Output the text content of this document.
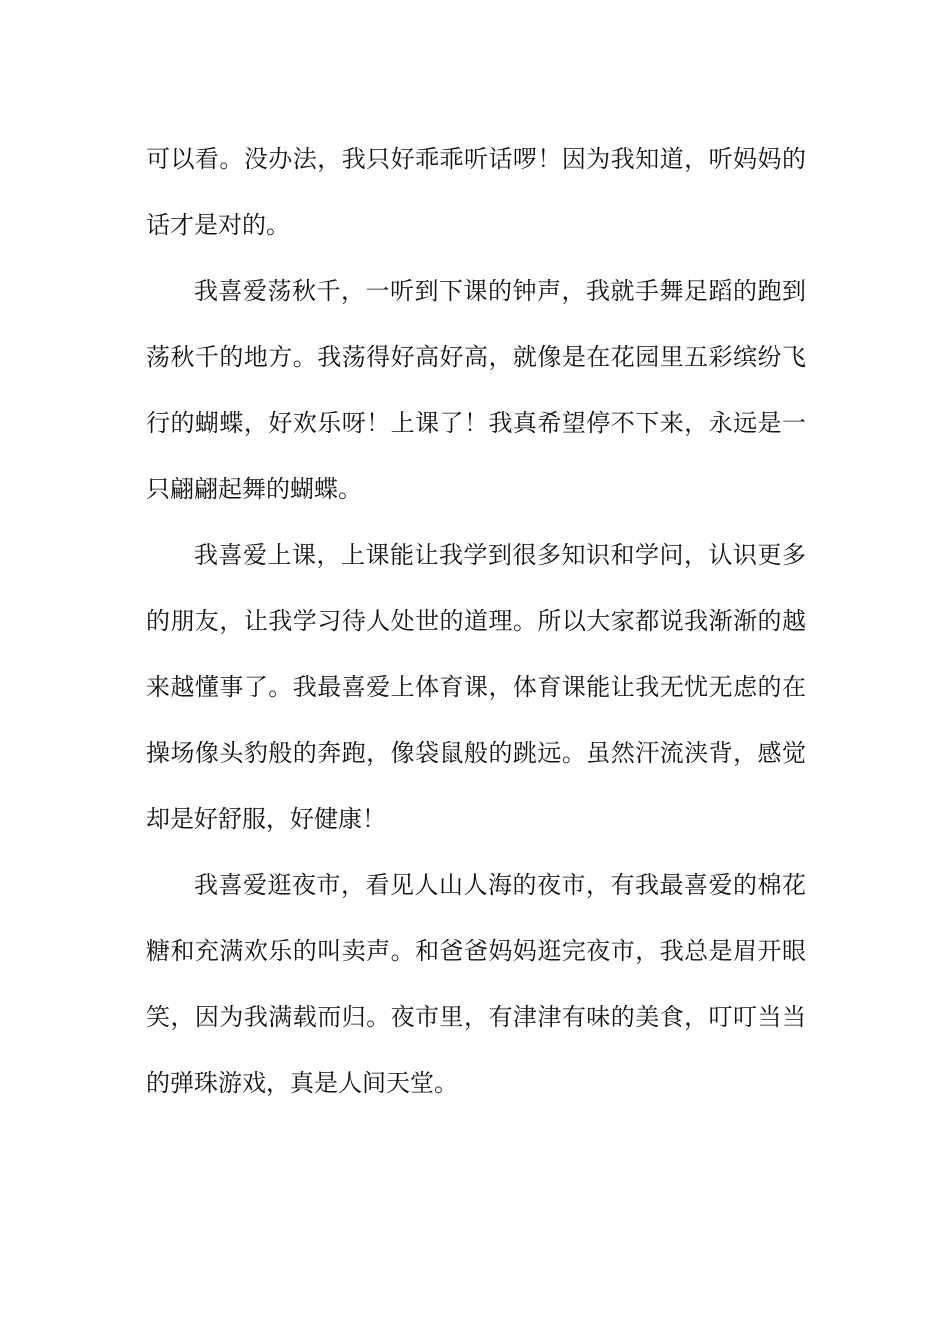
可以看。没办法，我只好乖乖听话啰！因为我知道，听妈妈的
话才是对的。
我喜爱荡秋千，一听到下课的钟声，我就手舞足蹈的跑到
荡秋千的地方。我荡得好高好高，就像是在花园里五彩缤纷飞
行的蝴蝶，好欢乐呀！上课了！我真希望停不下来，永远是一
只翩翩起舞的蝴蝶。
我喜爱上课，上课能让我学到很多知识和学问，认识更多
的朋友，让我学习待人处世的道理。所以大家都说我渐渐的越
来越懂事了。我最喜爱上体育课，体育课能让我无忧无虑的在
操场像头豹般的奔跑，像袋鼠般的跳远。虽然汗流浃背，感觉
却是好舒服，好健康！
我喜爱逛夜市，看见人山人海的夜市，有我最喜爱的棉花
糖和充满欢乐的叫卖声。和爸爸妈妈逛完夜市，我总是眉开眼
笑，因为我满载而归。夜市里，有津津有味的美食，叮叮当当
的弹珠游戏，真是人间天堂。
